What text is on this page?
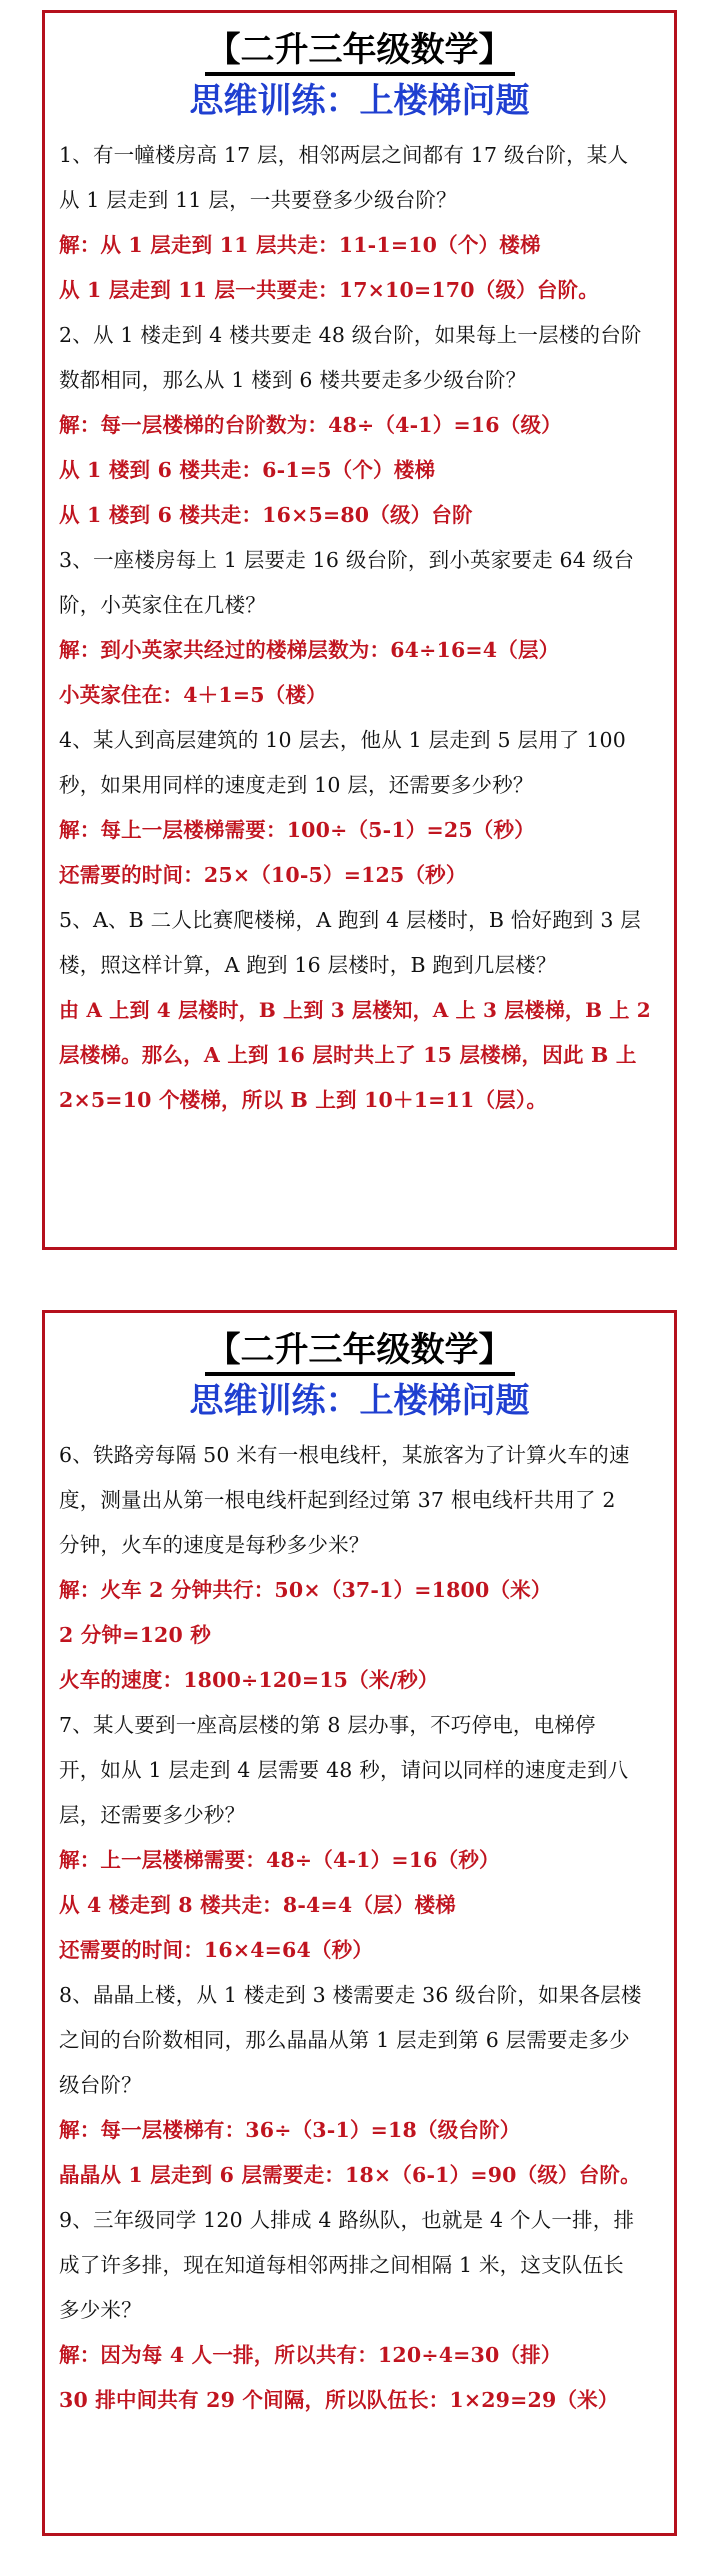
【二升三年级数学】
思维训练：上楼梯问题
1、有一幢楼房高 17 层，相邻两层之间都有 17 级台阶，某人
从 1 层走到 11 层，一共要登多少级台阶？
解：从 1 层走到 11 层共走：11-1=10（个）楼梯
从 1 层走到 11 层一共要走：17×10=170（级）台阶。
2、从 1 楼走到 4 楼共要走 48 级台阶，如果每上一层楼的台阶
数都相同，那么从 1 楼到 6 楼共要走多少级台阶？
解：每一层楼梯的台阶数为：48÷（4-1）=16（级）
从 1 楼到 6 楼共走：6-1=5（个）楼梯
从 1 楼到 6 楼共走：16×5=80（级）台阶
3、一座楼房每上 1 层要走 16 级台阶，到小英家要走 64 级台
阶，小英家住在几楼？
解：到小英家共经过的楼梯层数为：64÷16=4（层）
小英家住在：4＋1=5（楼）
4、某人到高层建筑的 10 层去，他从 1 层走到 5 层用了 100
秒，如果用同样的速度走到 10 层，还需要多少秒？
解：每上一层楼梯需要：100÷（5-1）=25（秒）
还需要的时间：25×（10-5）=125（秒）
5、A、B 二人比赛爬楼梯，A 跑到 4 层楼时，B 恰好跑到 3 层
楼，照这样计算，A 跑到 16 层楼时，B 跑到几层楼？
由 A 上到 4 层楼时，B 上到 3 层楼知，A 上 3 层楼梯，B 上 2
层楼梯。那么，A 上到 16 层时共上了 15 层楼梯，因此 B 上
2×5=10 个楼梯，所以 B 上到 10＋1=11（层）。
【二升三年级数学】
思维训练：上楼梯问题
6、铁路旁每隔 50 米有一根电线杆，某旅客为了计算火车的速
度，测量出从第一根电线杆起到经过第 37 根电线杆共用了 2
分钟，火车的速度是每秒多少米？
解：火车 2 分钟共行：50×（37-1）=1800（米）
2 分钟=120 秒
火车的速度：1800÷120=15（米/秒）
7、某人要到一座高层楼的第 8 层办事，不巧停电，电梯停
开，如从 1 层走到 4 层需要 48 秒，请问以同样的速度走到八
层，还需要多少秒？
解：上一层楼梯需要：48÷（4-1）=16（秒）
从 4 楼走到 8 楼共走：8-4=4（层）楼梯
还需要的时间：16×4=64（秒）
8、晶晶上楼，从 1 楼走到 3 楼需要走 36 级台阶，如果各层楼
之间的台阶数相同，那么晶晶从第 1 层走到第 6 层需要走多少
级台阶？
解：每一层楼梯有：36÷（3-1）=18（级台阶）
晶晶从 1 层走到 6 层需要走：18×（6-1）=90（级）台阶。
9、三年级同学 120 人排成 4 路纵队，也就是 4 个人一排，排
成了许多排，现在知道每相邻两排之间相隔 1 米，这支队伍长
多少米？
解：因为每 4 人一排，所以共有：120÷4=30（排）
30 排中间共有 29 个间隔，所以队伍长：1×29=29（米）
